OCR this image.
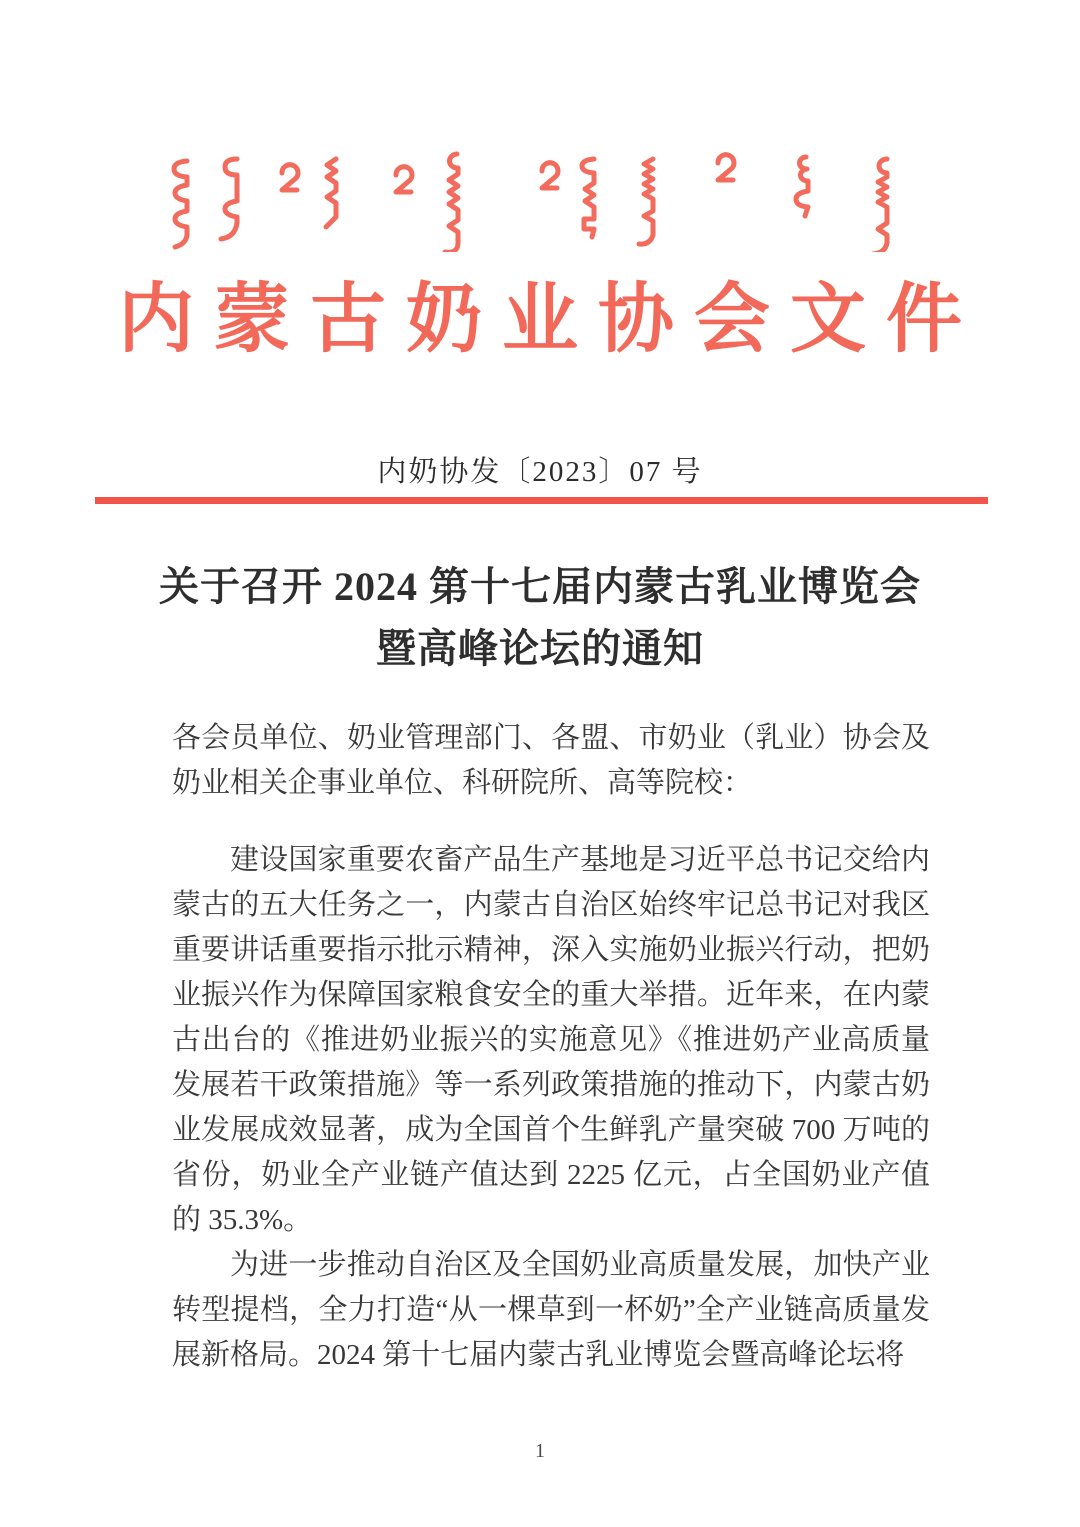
内蒙古奶业协会文件
内奶协发〔2023〕07 号
关于召开 2024 第十七届内蒙古乳业博览会
暨高峰论坛的通知

各会员单位、奶业管理部门、各盟、市奶业（乳业）协会及奶业相关企事业单位、科研院所、高等院校：

建设国家重要农畜产品生产基地是习近平总书记交给内蒙古的五大任务之一，内蒙古自治区始终牢记总书记对我区重要讲话重要指示批示精神，深入实施奶业振兴行动，把奶业振兴作为保障国家粮食安全的重大举措。近年来，在内蒙古出台的《推进奶业振兴的实施意见》《推进奶产业高质量发展若干政策措施》等一系列政策措施的推动下，内蒙古奶业发展成效显著，成为全国首个生鲜乳产量突破 700 万吨的省份，奶业全产业链产值达到 2225 亿元，占全国奶业产值的 35.3%。

为进一步推动自治区及全国奶业高质量发展，加快产业转型提档，全力打造“从一棵草到一杯奶”全产业链高质量发展新格局。2024 第十七届内蒙古乳业博览会暨高峰论坛将

1
